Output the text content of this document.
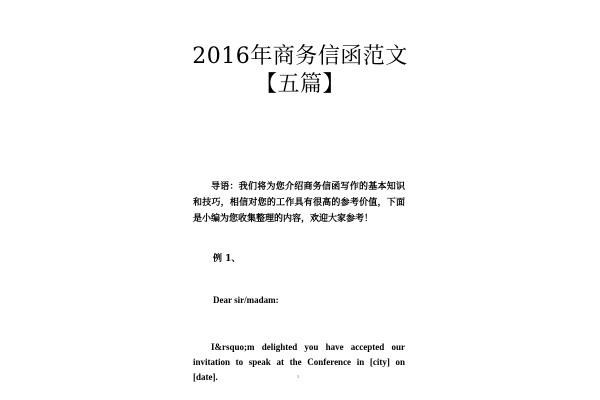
2016年商务信函范文【五篇】
导语：我们将为您介绍商务信函写作的基本知识和技巧，相信对您的工作具有很高的参考价值，下面是小编为您收集整理的内容，欢迎大家参考！
例 1、
Dear sir/madam:
I&rsquo;m delighted you have accepted our invitation to speak at the Conference in [city] on [date].	1
